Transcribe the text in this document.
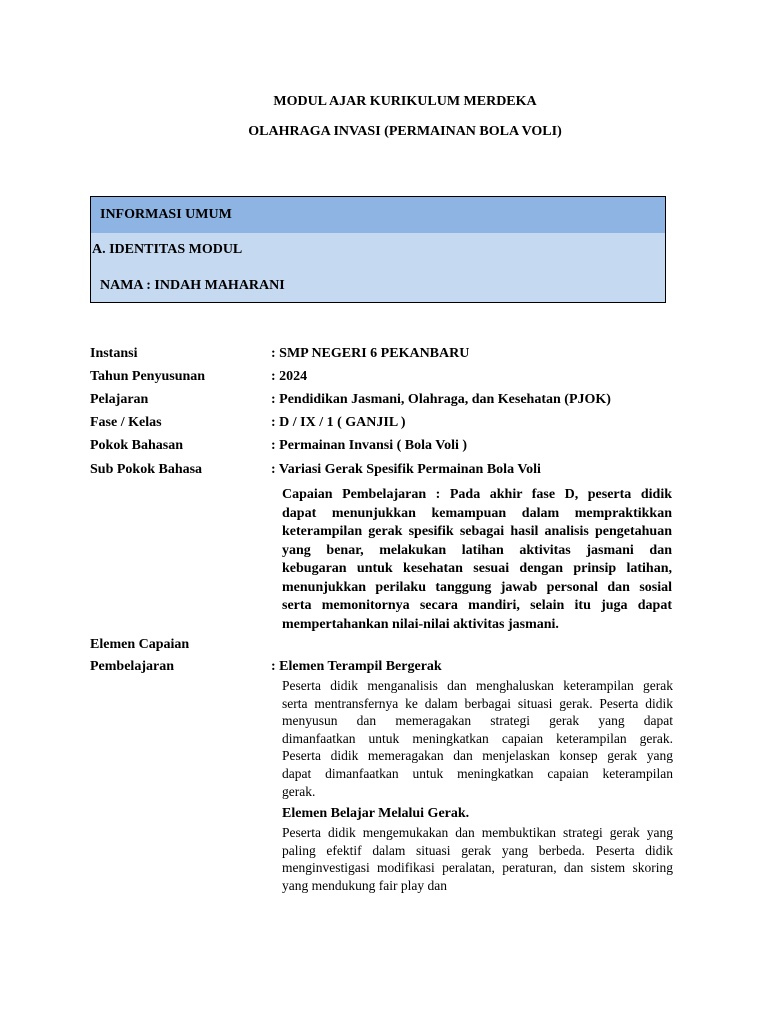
MODUL AJAR KURIKULUM MERDEKA
OLAHRAGA INVASI (PERMAINAN BOLA VOLI)
INFORMASI UMUM
A. IDENTITAS MODUL
NAMA : INDAH MAHARANI
Instansi	: SMP NEGERI 6 PEKANBARU
Tahun Penyusunan	: 2024
Pelajaran	: Pendidikan Jasmani, Olahraga, dan Kesehatan (PJOK)
Fase / Kelas	: D / IX / 1 ( GANJIL )
Pokok Bahasan	: Permainan Invansi ( Bola Voli )
Sub Pokok Bahasa	: Variasi Gerak Spesifik Permainan Bola Voli
Capaian Pembelajaran : Pada akhir fase D, peserta didik
dapat menunjukkan kemampuan dalam mempraktikkan
keterampilan gerak spesifik sebagai hasil analisis pengetahuan
yang benar, melakukan latihan aktivitas jasmani dan
kebugaran untuk kesehatan sesuai dengan prinsip latihan,
menunjukkan perilaku tanggung jawab personal dan sosial
serta memonitornya secara mandiri, selain itu juga dapat
mempertahankan nilai-nilai aktivitas jasmani.
Elemen Capaian
Pembelajaran	: Elemen Terampil Bergerak
Peserta didik menganalisis dan menghaluskan keterampilan gerak
serta mentransfernya ke dalam berbagai situasi gerak. Peserta didik
menyusun dan memeragakan strategi gerak yang dapat
dimanfaatkan untuk meningkatkan capaian keterampilan gerak.
Peserta didik memeragakan dan menjelaskan konsep gerak yang
dapat dimanfaatkan untuk meningkatkan capaian keterampilan
gerak.
Elemen Belajar Melalui Gerak.
Peserta didik mengemukakan dan membuktikan strategi gerak yang
paling efektif dalam situasi gerak yang berbeda. Peserta didik
menginvestigasi modifikasi peralatan, peraturan, dan sistem skoring
yang mendukung fair play dan
